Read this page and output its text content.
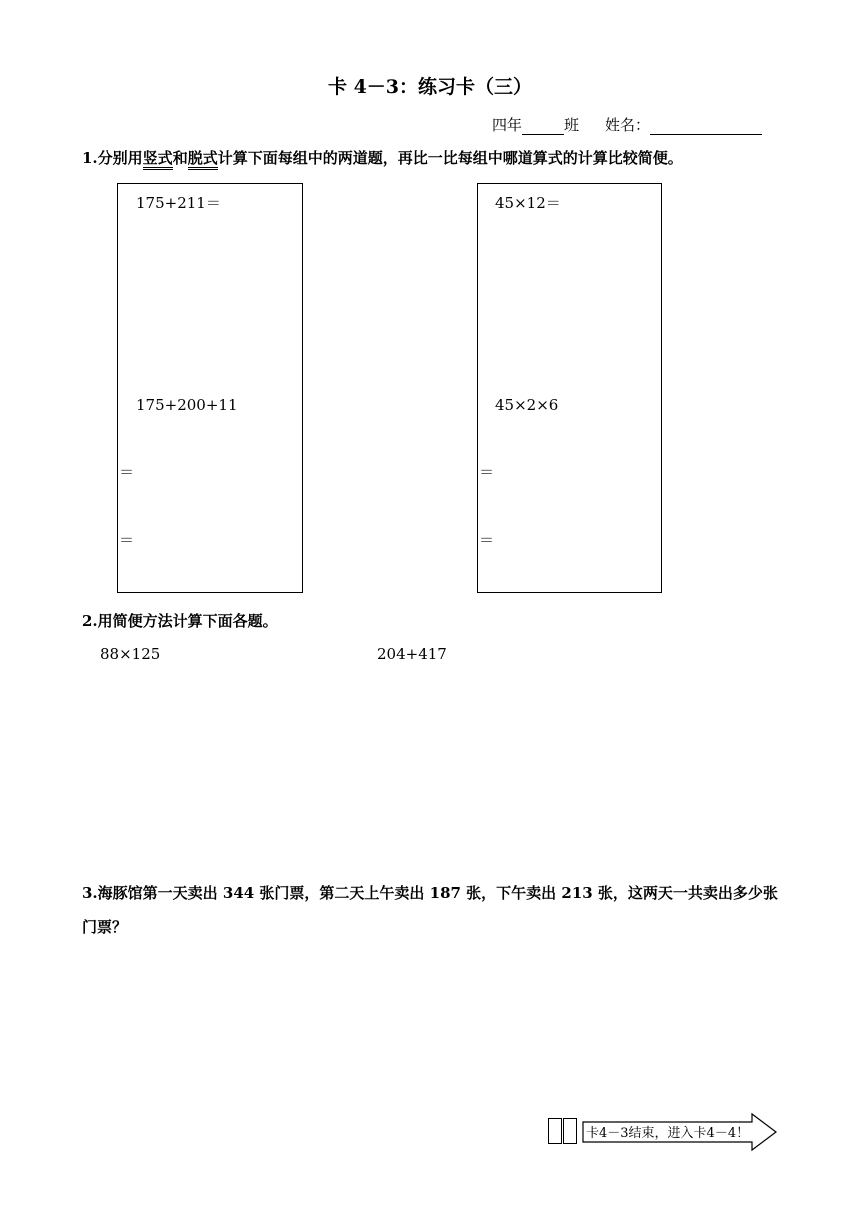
卡 4－3：练习卡（三）
四年	班 姓名：
1.分别用竖式和脱式计算下面每组中的两道题，再比一比每组中哪道算式的计算比较简便。
175+211＝
175+200+11
＝
＝
45×12＝
45×2×6
＝
＝
2.用简便方法计算下面各题。
88×125	204+417
3.海豚馆第一天卖出 344 张门票，第二天上午卖出 187 张，下午卖出 213 张，这两天一共卖出多少张门票？
卡4－3结束，进入卡4－4！
